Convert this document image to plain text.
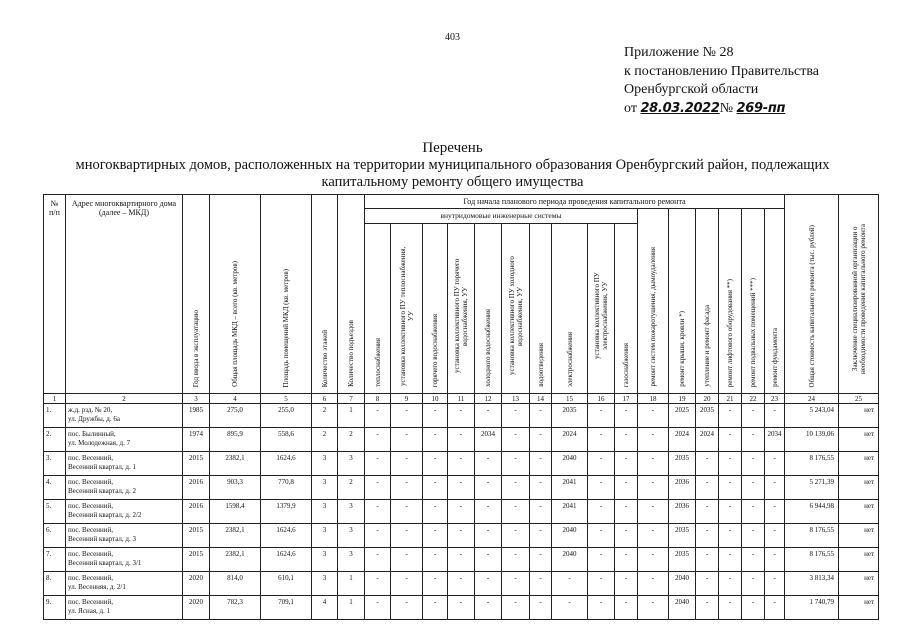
403
Приложение № 28
к постановлению Правительства
Оренбургской области
от 28.03.2022№ 269-пп
Перечень
многоквартирных домов, расположенных на территории муниципального образования Оренбургский район, подлежащих
капитальному ремонту общего имущества
№
п/п	Адрес многоквартирного дома (далее – МКД)	Год ввода в эксплуатацию	Общая площадь МКД – всего (кв. метров)	Площадь помещений МКД (кв. метров)	Количество этажей	Количество подъездов	Год начала планового периода проведения капитального ремонта																Общая стоимость капитального ремонта (тыс. рублей)	Заключение специализированной организации о необходимости проведения капитального ремонта
							внутридомовые инженерные системы										ремонт систем пожаротушения, дымоудаления	ремонт крыши, кровли *)	утепление и ремонт фасада	ремонт лифтового оборудования **)	ремонт подвальных помещений ***)	ремонт фундамента		
							теплоснабжения	установка коллективного ПУ теплоснабжения, УУ	горячего водоснабжения	установка коллективного ПУ горячего водоснабжения, УУ	холодного водоснабжения	установка коллективного ПУ холодного водоснабжения, УУ	водоотведения	электроснабжения	установка коллективного ПУ электроснабжения, УУ	газоснабжения								
1	2	3	4	5	6	7	8	9	10	11	12	13	14	15	16	17	18	19	20	21	22	23	24	25
1.	ж.д. рзд. № 20,
ул. Дружбы, д. 6а	1985	275,0	255,0	2	1	-	-	-	-	-	-	-	2035	-	-	-	2025	2035	-	-	-	5 243,04	нет
2.	пос. Былинный,
ул. Молодежная, д. 7	1974	895,9	558,6	2	2	-	-	-	-	2034	-	-	2024	-	-	-	2024	2024	-	-	2034	10 139,06	нет
3.	пос. Весенний,
Весенний квартал, д. 1	2015	2382,1	1624,6	3	3	-	-	-	-	-	-	-	2040	-	-	-	2035	-	-	-	-	8 176,55	нет
4.	пос. Весенний,
Весенний квартал, д. 2	2016	903,3	770,8	3	2	-	-	-	-	-	-	-	2041	-	-	-	2036	-	-	-	-	5 271,39	нет
5.	пос. Весенний,
Весенний квартал, д. 2/2	2016	1598,4	1379,9	3	3	-	-	-	-	-	-	-	2041	-	-	-	2036	-	-	-	-	6 944,98	нет
6.	пос. Весенний,
Весенний квартал, д. 3	2015	2382,1	1624,6	3	3	-	-	-	-	-	-	-	2040	-	-	-	2035	-	-	-	-	8 176,55	нет
7.	пос. Весенний,
Весенний квартал, д. 3/1	2015	2382,1	1624,6	3	3	-	-	-	-	-	-	-	2040	-	-	-	2035	-	-	-	-	8 176,55	нет
8.	пос. Весенний,
ул. Весенняя, д. 2/1	2020	814,0	610,1	3	1	-	-	-	-	-	-	-	-	-	-	-	2040	-	-	-	-	3 813,34	нет
9.	пос. Весенний,
ул. Ясная, д. 1	2020	782,3	709,1	4	1	-	-	-	-	-	-	-	-	-	-	-	2040	-	-	-	-	1 740,79	нет
